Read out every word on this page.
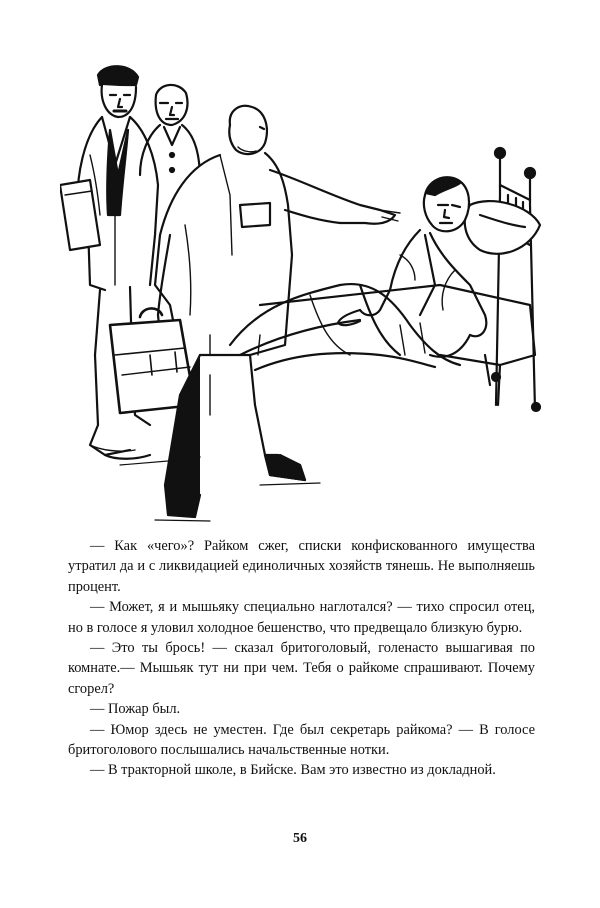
— Как «чего»? Райком сжег, списки конфискованного имущества утратил да и с ликвидацией единоличных хозяйств тянешь. Не выполняешь процент.

— Может, я и мышьяку специально наглотался? — тихо спросил отец, но в голосе я уловил холодное бешенство, что предвещало близкую бурю.

— Это ты брось! — сказал бритоголовый, голенасто вышагивая по комнате.— Мышьяк тут ни при чем. Тебя о райкоме спрашивают. Почему сгорел?

— Пожар был.

— Юмор здесь не уместен. Где был секретарь райкома? — В голосе бритоголового послышались начальственные нотки.

— В тракторной школе, в Бийске. Вам это известно из докладной.

56
